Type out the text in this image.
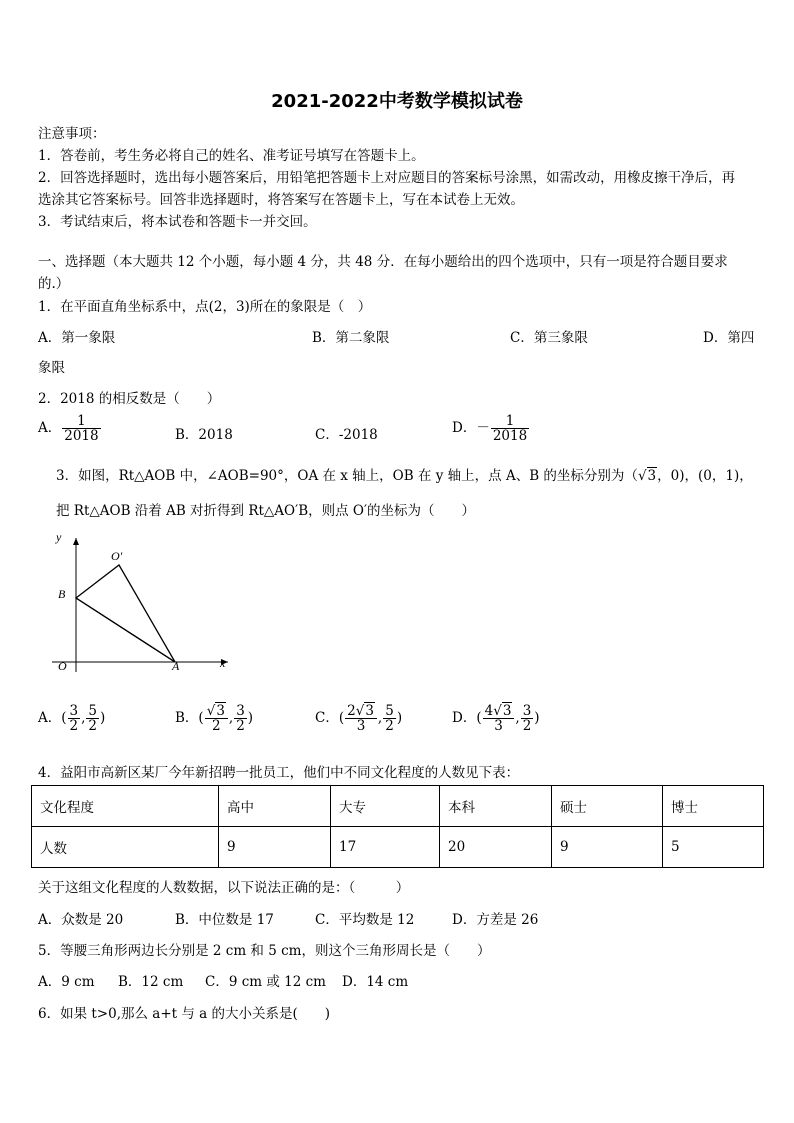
2021-2022中考数学模拟试卷
注意事项：
1．答卷前，考生务必将自己的姓名、准考证号填写在答题卡上。
2．回答选择题时，选出每小题答案后，用铅笔把答题卡上对应题目的答案标号涂黑，如需改动，用橡皮擦干净后，再
选涂其它答案标号。回答非选择题时，将答案写在答题卡上，写在本试卷上无效。
3．考试结束后，将本试卷和答题卡一并交回。
一、选择题（本大题共 12 个小题，每小题 4 分，共 48 分．在每小题给出的四个选项中，只有一项是符合题目要求
的.）
1．在平面直角坐标系中，点(2，3)所在的象限是（　）
A．第一象限	B．第二象限	C．第三象限	D．第四
象限
2．2018 的相反数是（　　）
A． $\frac{1}{2018}$	B．2018	C．-2018	D．－ $\frac{1}{2018}$
3．如图，Rt△AOB 中，∠AOB=90°，OA 在 x 轴上，OB 在 y 轴上，点 A、B 的坐标分别为（√3，0)，(0，1)，
把 Rt△AOB 沿着 AB 对折得到 Rt△AO′B，则点 O′的坐标为（　　）
y
x
O	A
B
O′
A．( $\frac{3}{2}$ , $\frac{5}{2}$ )	B．( $\frac{√3}{2}$ , $\frac{3}{2}$ )	C．( $\frac{2√3}{3}$ , $\frac{5}{2}$ )	D．( $\frac{4√3}{3}$ , $\frac{3}{2}$ )
4．益阳市高新区某厂今年新招聘一批员工，他们中不同文化程度的人数见下表：
文化程度	高中	大专	本科	硕士	博士
人数	9	17	20	9	5
关于这组文化程度的人数数据，以下说法正确的是：（　　　）
A．众数是 20	B．中位数是 17	C．平均数是 12	D．方差是 26
5．等腰三角形两边长分别是 2 cm 和 5 cm，则这个三角形周长是（　　）
A．9 cm B．12 cm C．9 cm 或 12 cm D．14 cm
6．如果 t>0,那么 a+t 与 a 的大小关系是(　　)
